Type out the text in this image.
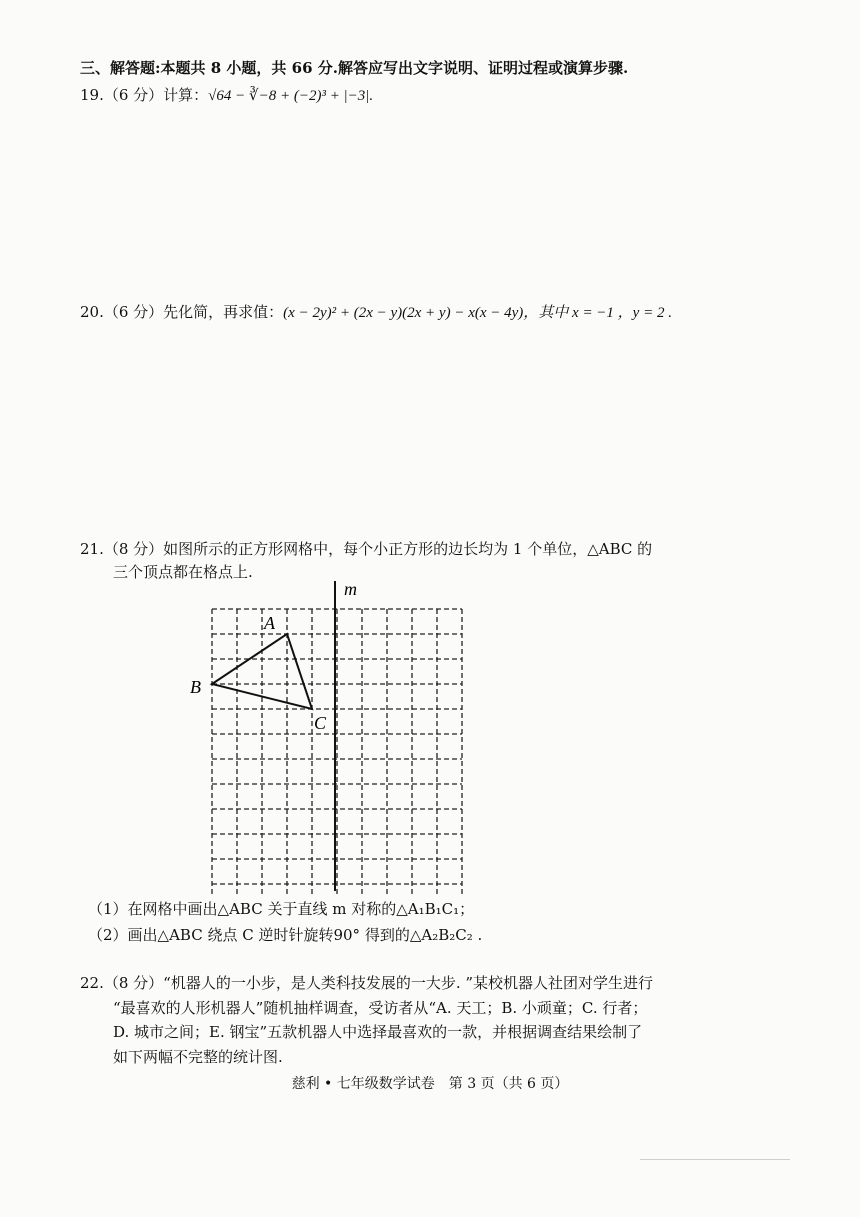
三、解答题:本题共 8 小题，共 66 分.解答应写出文字说明、证明过程或演算步骤.
19.（6 分）计算：√64 − ∛−8 + (−2)³ + |−3|.
20.（6 分）先化简，再求值：(x − 2y)² + (2x − y)(2x + y) − x(x − 4y)，其中 x = −1 ，y = 2 .
21.（8 分）如图所示的正方形网格中，每个小正方形的边长均为 1 个单位，△ABC 的
三个顶点都在格点上.
m
A
B
C
（1）在网格中画出△ABC 关于直线 m 对称的△A₁B₁C₁；
（2）画出△ABC 绕点 C 逆时针旋转90° 得到的△A₂B₂C₂ .
22.（8 分）“机器人的一小步，是人类科技发展的一大步. ”某校机器人社团对学生进行
“最喜欢的人形机器人”随机抽样调查，受访者从“A. 天工；B. 小顽童；C. 行者；
D. 城市之间；E. 钢宝”五款机器人中选择最喜欢的一款，并根据调查结果绘制了
如下两幅不完整的统计图.
慈利 • 七年级数学试卷　第 3 页（共 6 页）
